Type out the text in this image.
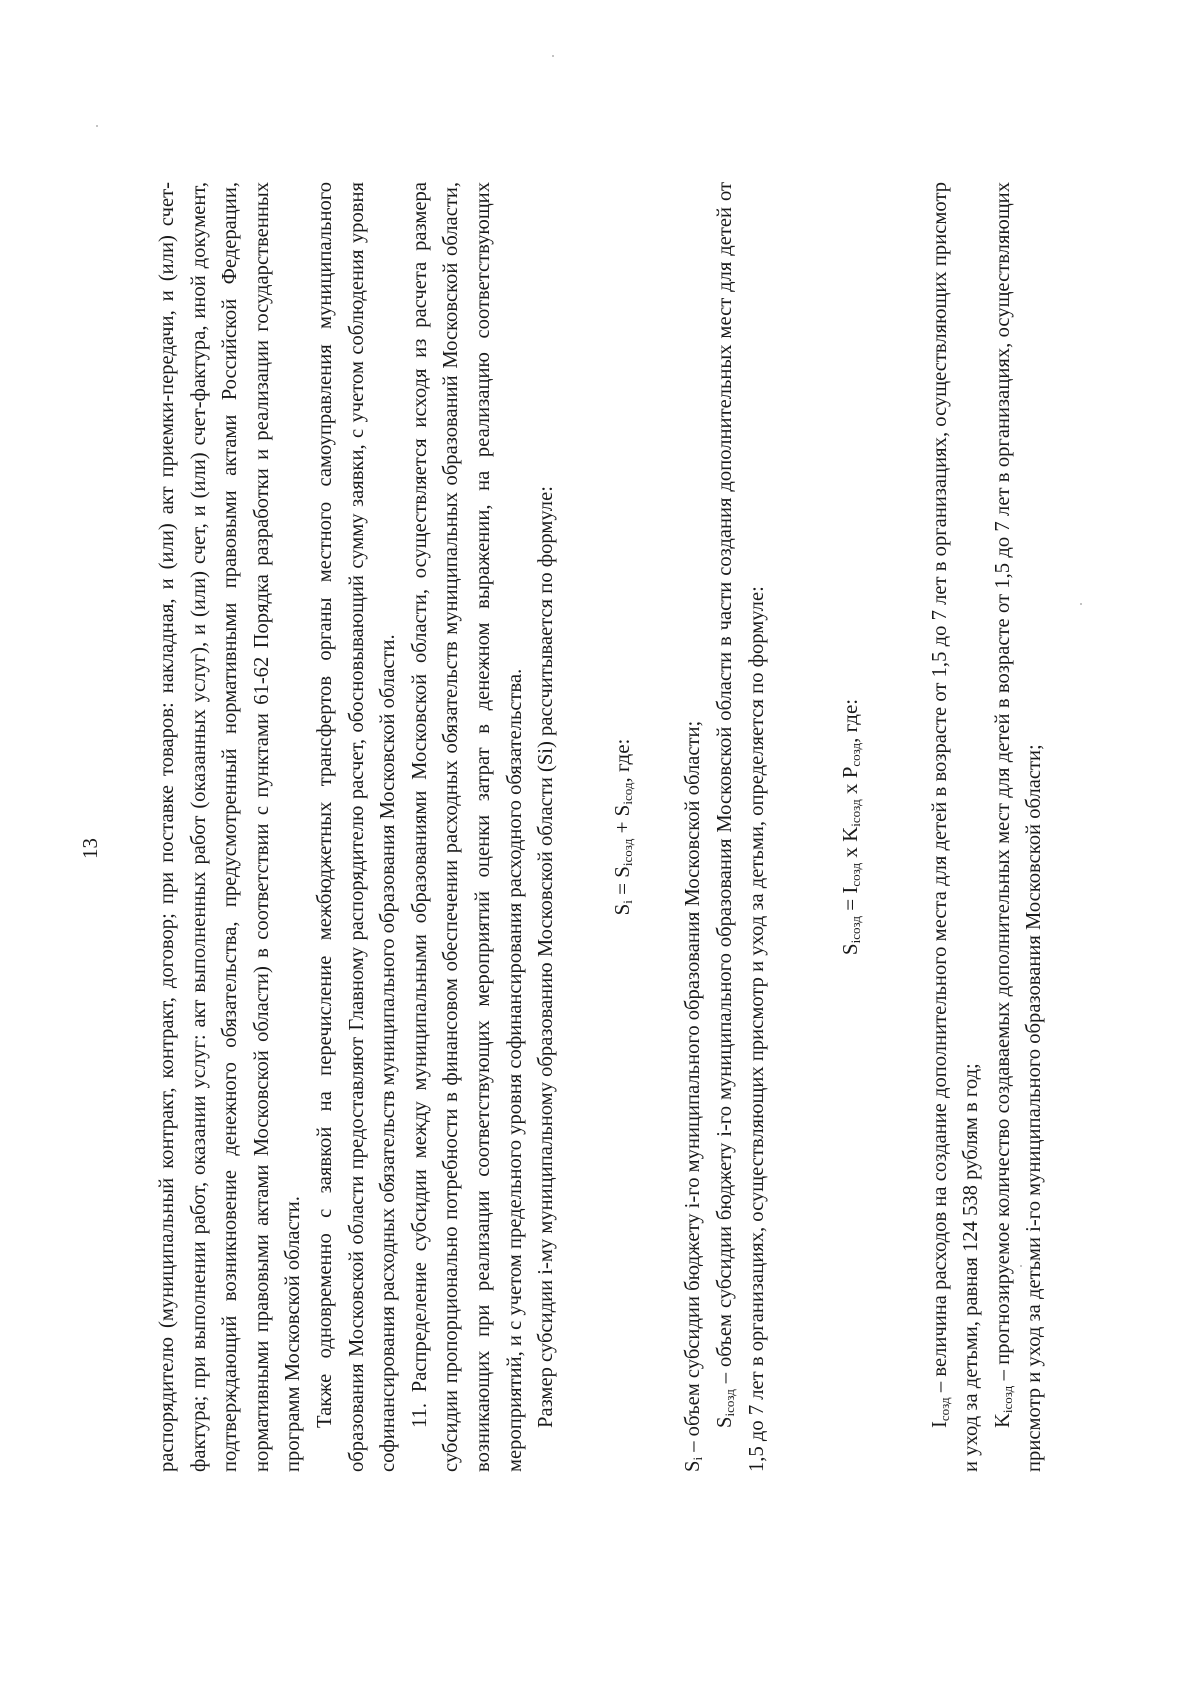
13	распорядителю (муниципальный контракт, контракт, договор; при поставке товаров: накладная, и (или) акт приемки-передачи, и (или) счет-фактура; при выполнении работ, оказании услуг: акт выполненных работ (оказанных услуг), и (или) счет, и (или) счет-фактура, иной документ, подтверждающий возникновение денежного обязательства, предусмотренный нормативными правовыми актами Российской Федерации, нормативными правовыми актами Московской области) в соответствии с пунктами 61-62 Порядка разработки и реализации государственных программ Московской области. Также одновременно с заявкой на перечисление межбюджетных трансфертов органы местного самоуправления муниципального образования Московской области предоставляют Главному распорядителю расчет, обосновывающий сумму заявки, с учетом соблюдения уровня софинансирования расходных обязательств муниципального образования Московской области. 11. Распределение субсидии между муниципальными образованиями Московской области, осуществляется исходя из расчета размера субсидии пропорционально потребности в финансовом обеспечении расходных обязательств муниципальных образований Московской области, возникающих при реализации соответствующих мероприятий оценки затрат в денежном выражении, на реализацию соответствующих мероприятий, и с учетом предельного уровня софинансирования расходного обязательства. Размер субсидии i-му муниципальному образованию Московской области (Si) рассчитывается по формуле:	$S_i = S_{iсозд} + S_{iсод}$, где:

$S_i$ – объем субсидии бюджету i-го муниципального образования Московской области; $S_{iсозд}$ – объем субсидии бюджету i-го муниципального образования Московской области в части создания дополнительных мест для детей от 1,5 до 7 лет в организациях, осуществляющих присмотр и уход за детьми, определяется по формуле:	$S_{iсозд} = I_{созд}$ x $K_{iсозд}$ x $P_{созд}$, где:

$I_{созд}$ – величина расходов на создание дополнительного места для детей в возрасте от 1,5 до 7 лет в организациях, осуществляющих присмотр и уход за детьми, равная 124 538 рублям в год; $K_{iсозд}$ – прогнозируемое количество создаваемых дополнительных мест для детей в возрасте от 1,5 до 7 лет в организациях, осуществляющих присмотр и уход за детьми i-го муниципального образования Московской области;
